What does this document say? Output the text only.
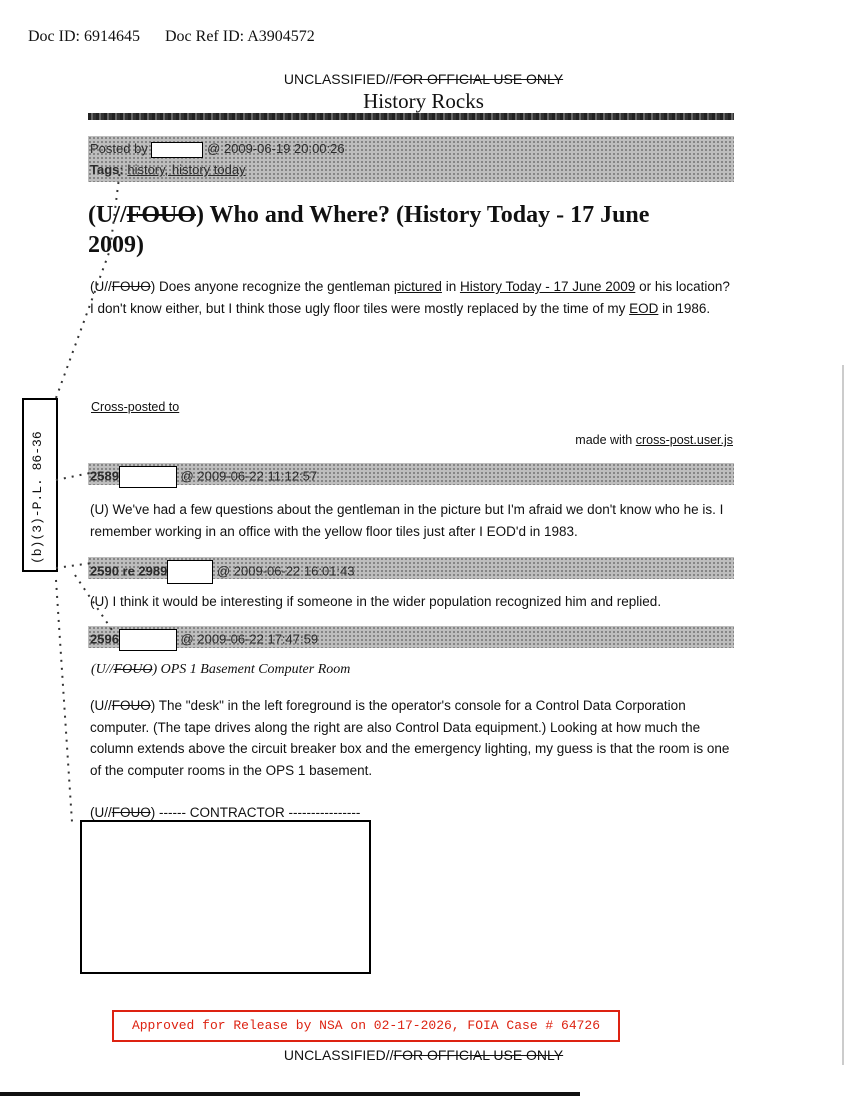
Doc ID: 6914645 Doc Ref ID: A3904572
UNCLASSIFIED//FOR OFFICIAL USE ONLY
History Rocks
Posted by	@ 2009-06-19 20:00:26
Tags: history, history today
(U//FOUO) Who and Where? (History Today - 17 June 2009)
(U//FOUO) Does anyone recognize the gentleman pictured in History Today - 17 June 2009 or his location? I don't know either, but I think those ugly floor tiles were mostly replaced by the time of my EOD in 1986.
Cross-posted to
made with cross-post.user.js
2589	@ 2009-06-22 11:12:57
(U) We've had a few questions about the gentleman in the picture but I'm afraid we don't know who he is. I remember working in an office with the yellow floor tiles just after I EOD'd in 1983.
2590 re 2989	@ 2009-06-22 16:01:43
(U) I think it would be interesting if someone in the wider population recognized him and replied.
2596	@ 2009-06-22 17:47:59
(U//FOUO) OPS 1 Basement Computer Room
(U//FOUO) The "desk" in the left foreground is the operator's console for a Control Data Corporation computer. (The tape drives along the right are also Control Data equipment.) Looking at how much the column extends above the circuit breaker box and the emergency lighting, my guess is that the room is one of the computer rooms in the OPS 1 basement.
(U//FOUO) ------ CONTRACTOR ----------------
(b)(3)-P.L. 86-36
Approved for Release by NSA on 02-17-2026, FOIA Case # 64726
UNCLASSIFIED//FOR OFFICIAL USE ONLY
